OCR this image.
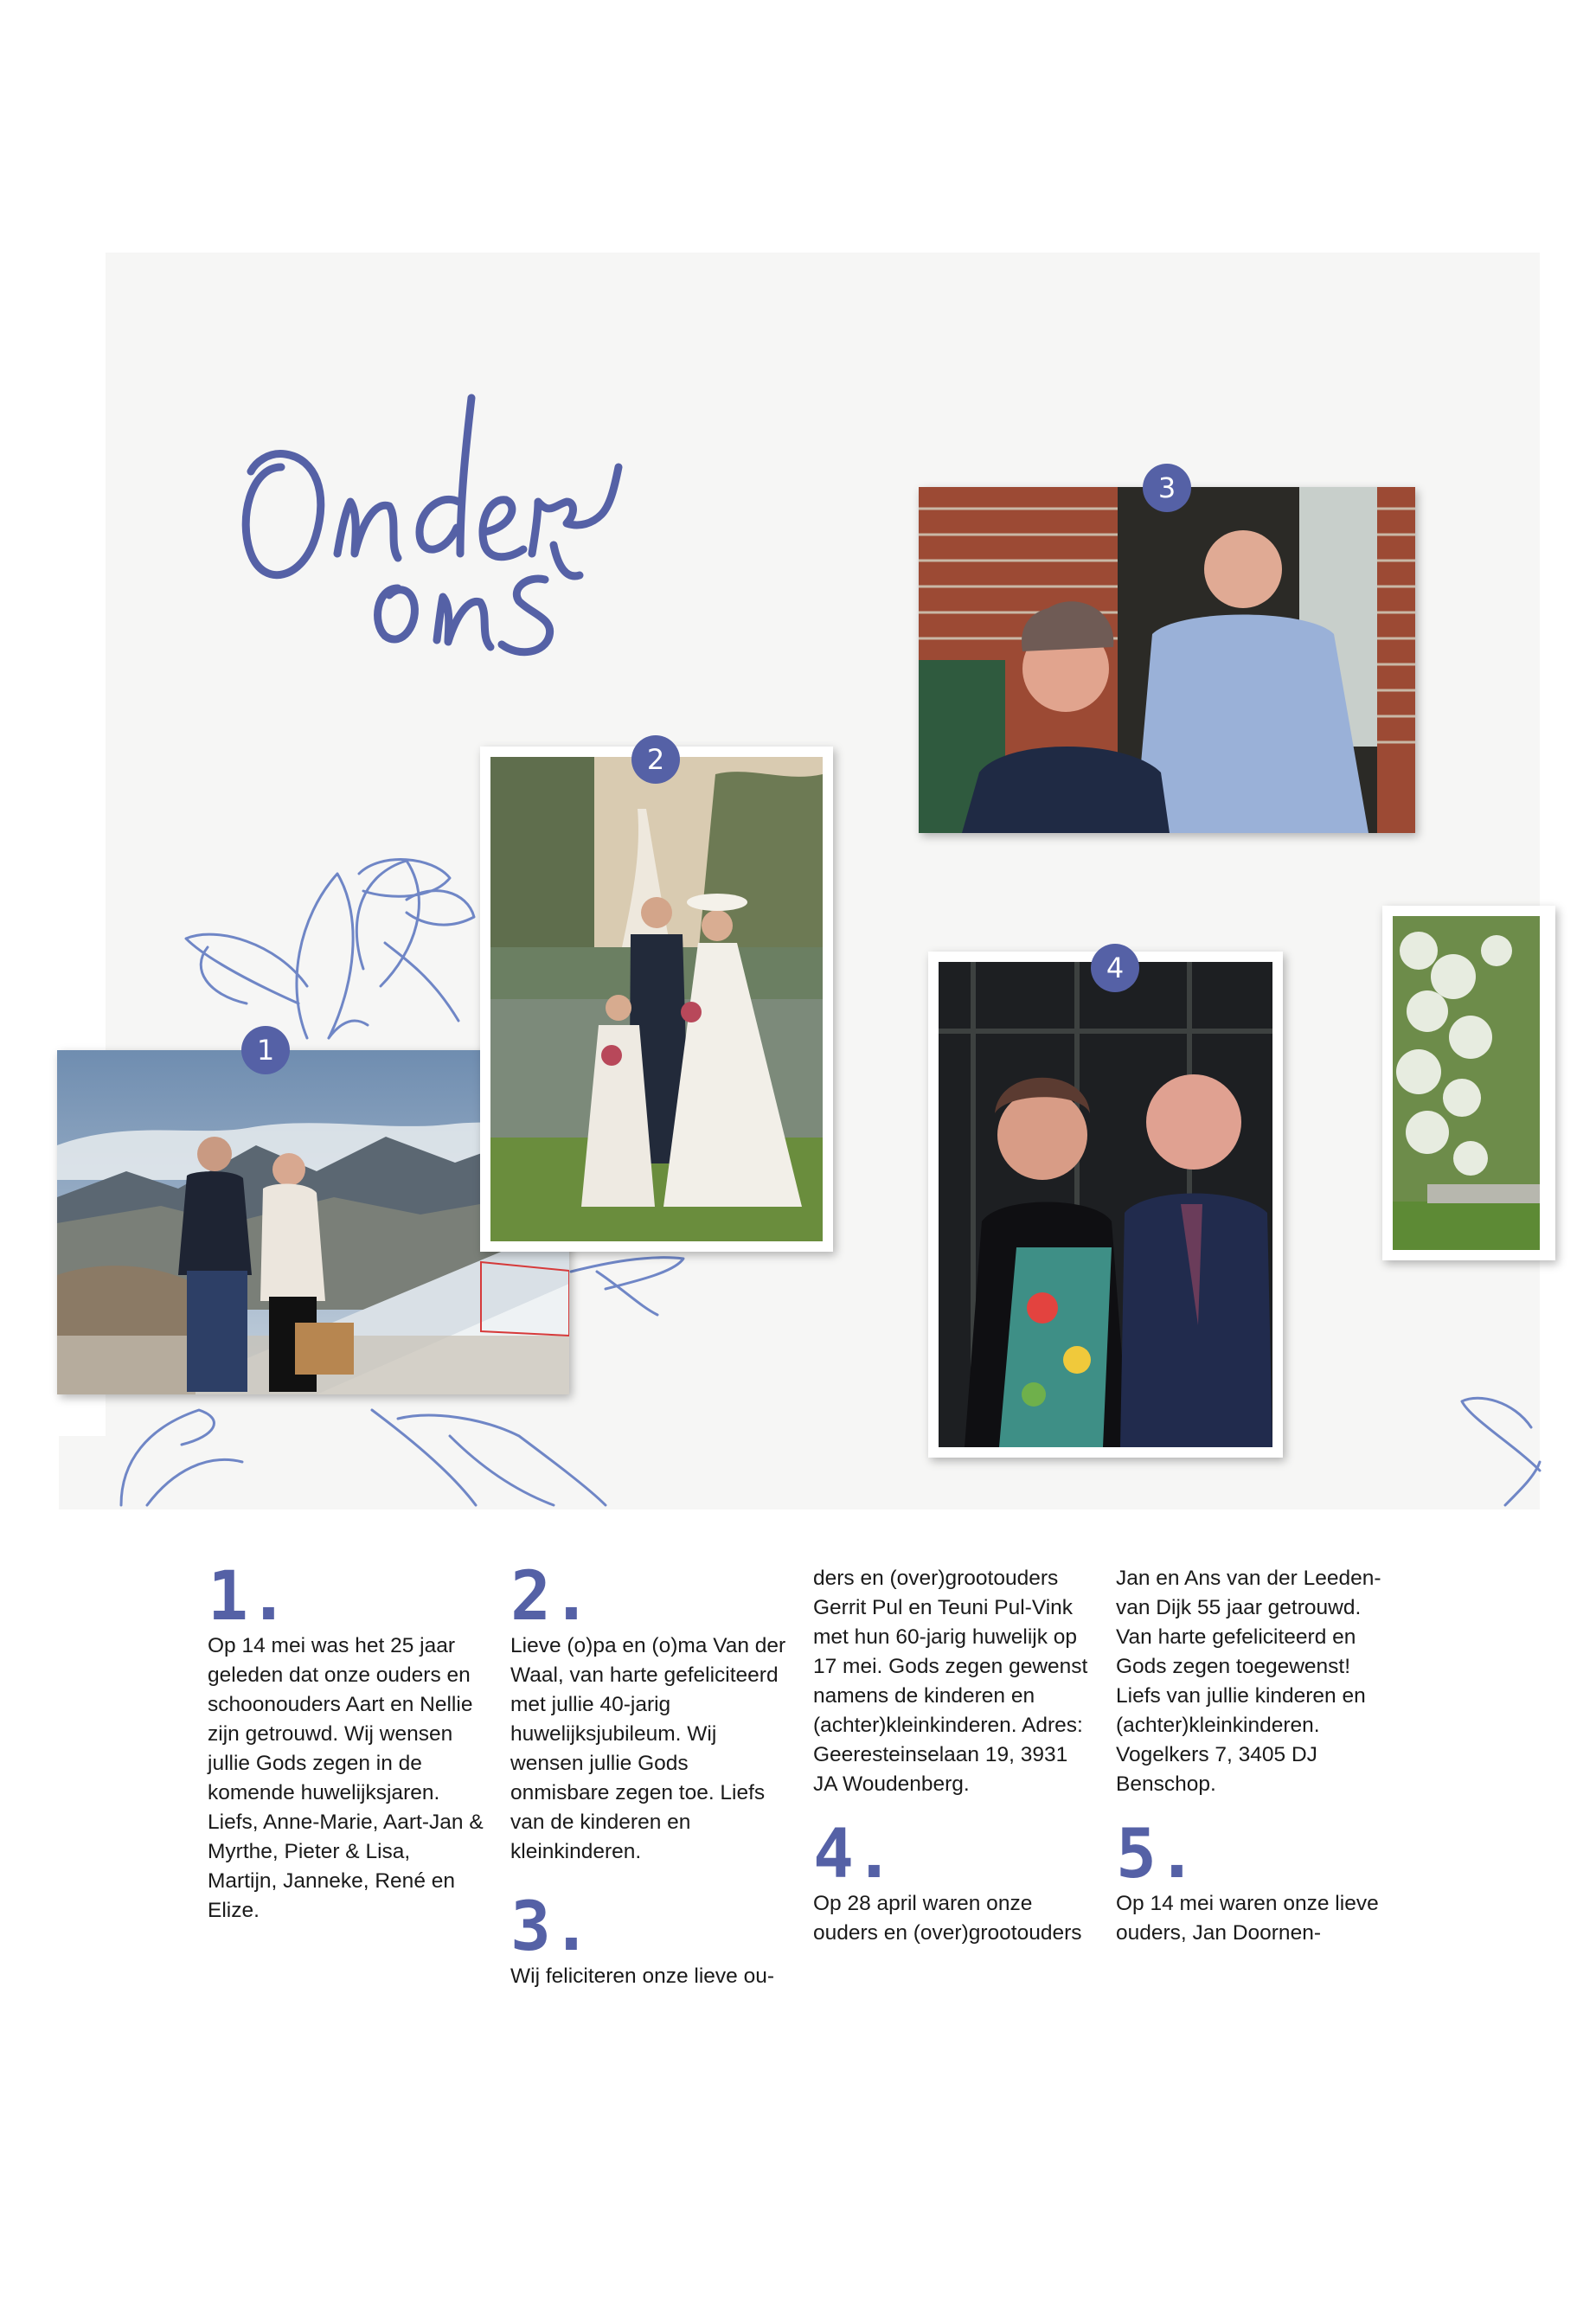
1
2
3
4
1.

Op 14 mei was het 25 jaar geleden dat onze ouders en schoonouders Aart en Nellie zijn getrouwd. Wij wensen jullie Gods zegen in de komende huwelijksjaren. Liefs, Anne-Marie, Aart-Jan & Myrthe, Pieter & Lisa, Martijn, Janneke, René en Elize.

2.

Lieve (o)pa en (o)ma Van der Waal, van harte gefeliciteerd met jullie 40-jarig huwelijksjubileum. Wij wensen jullie Gods onmisbare zegen toe. Liefs van de kinderen en kleinkinderen.

3.

Wij feliciteren onze lieve ou-

ders en (over)grootouders Gerrit Pul en Teuni Pul-Vink met hun 60-jarig huwelijk op 17 mei. Gods zegen gewenst namens de kinderen en (achter)kleinkinderen. Adres: Geeresteinselaan 19, 3931 JA Woudenberg.

4.

Op 28 april waren onze ouders en (over)grootouders

Jan en Ans van der Leeden-van Dijk 55 jaar getrouwd. Van harte gefeliciteerd en Gods zegen toegewenst! Liefs van jullie kinderen en (achter)kleinkinderen. Vogelkers 7, 3405 DJ Benschop.

5.

Op 14 mei waren onze lieve ouders, Jan Doornen-
